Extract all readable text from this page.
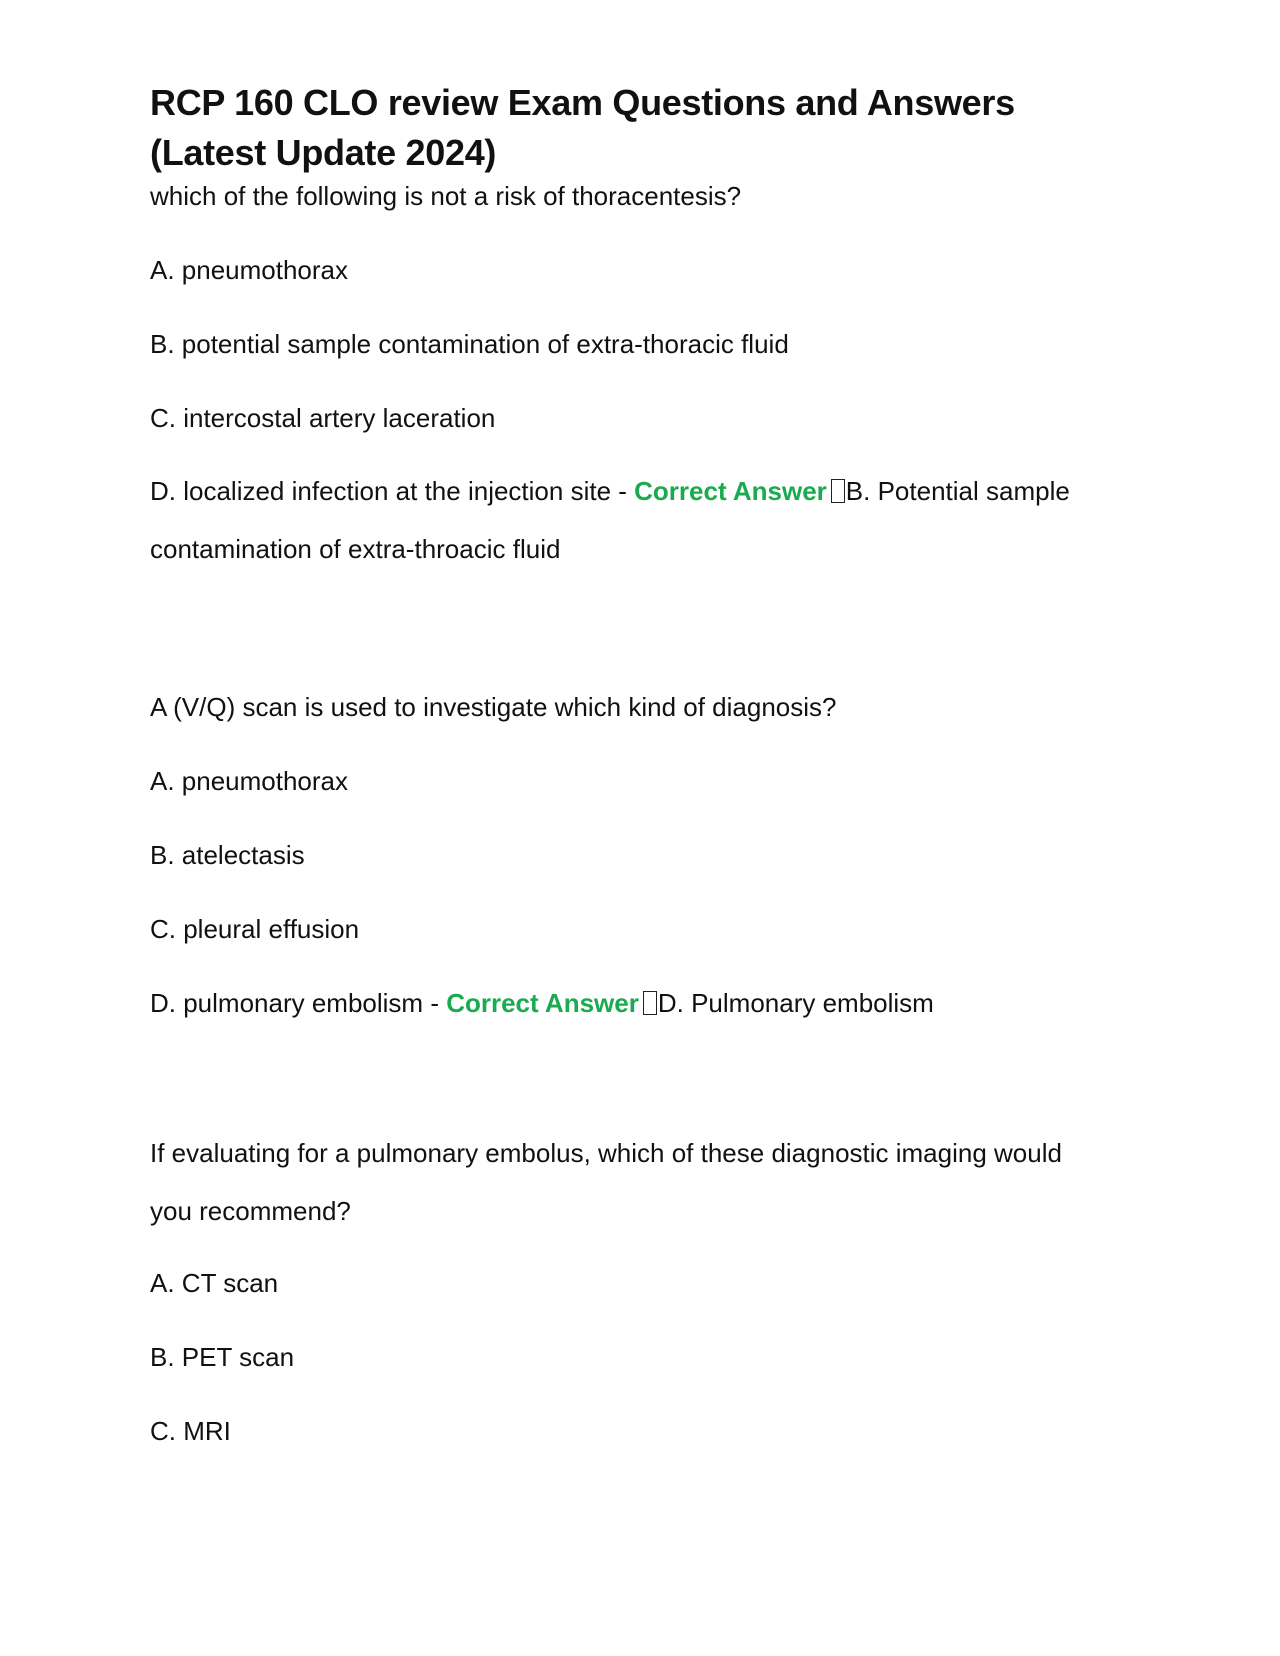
RCP 160 CLO review Exam Questions and Answers
(Latest Update 2024)

which of the following is not a risk of thoracentesis?

A. pneumothorax

B. potential sample contamination of extra-thoracic fluid

C. intercostal artery laceration

D. localized infection at the injection site - Correct Answer B. Potential sample contamination of extra-throacic fluid

A (V/Q) scan is used to investigate which kind of diagnosis?

A. pneumothorax

B. atelectasis

C. pleural effusion

D. pulmonary embolism - Correct Answer D. Pulmonary embolism

If evaluating for a pulmonary embolus, which of these diagnostic imaging would you recommend?

A. CT scan

B. PET scan

C. MRI
